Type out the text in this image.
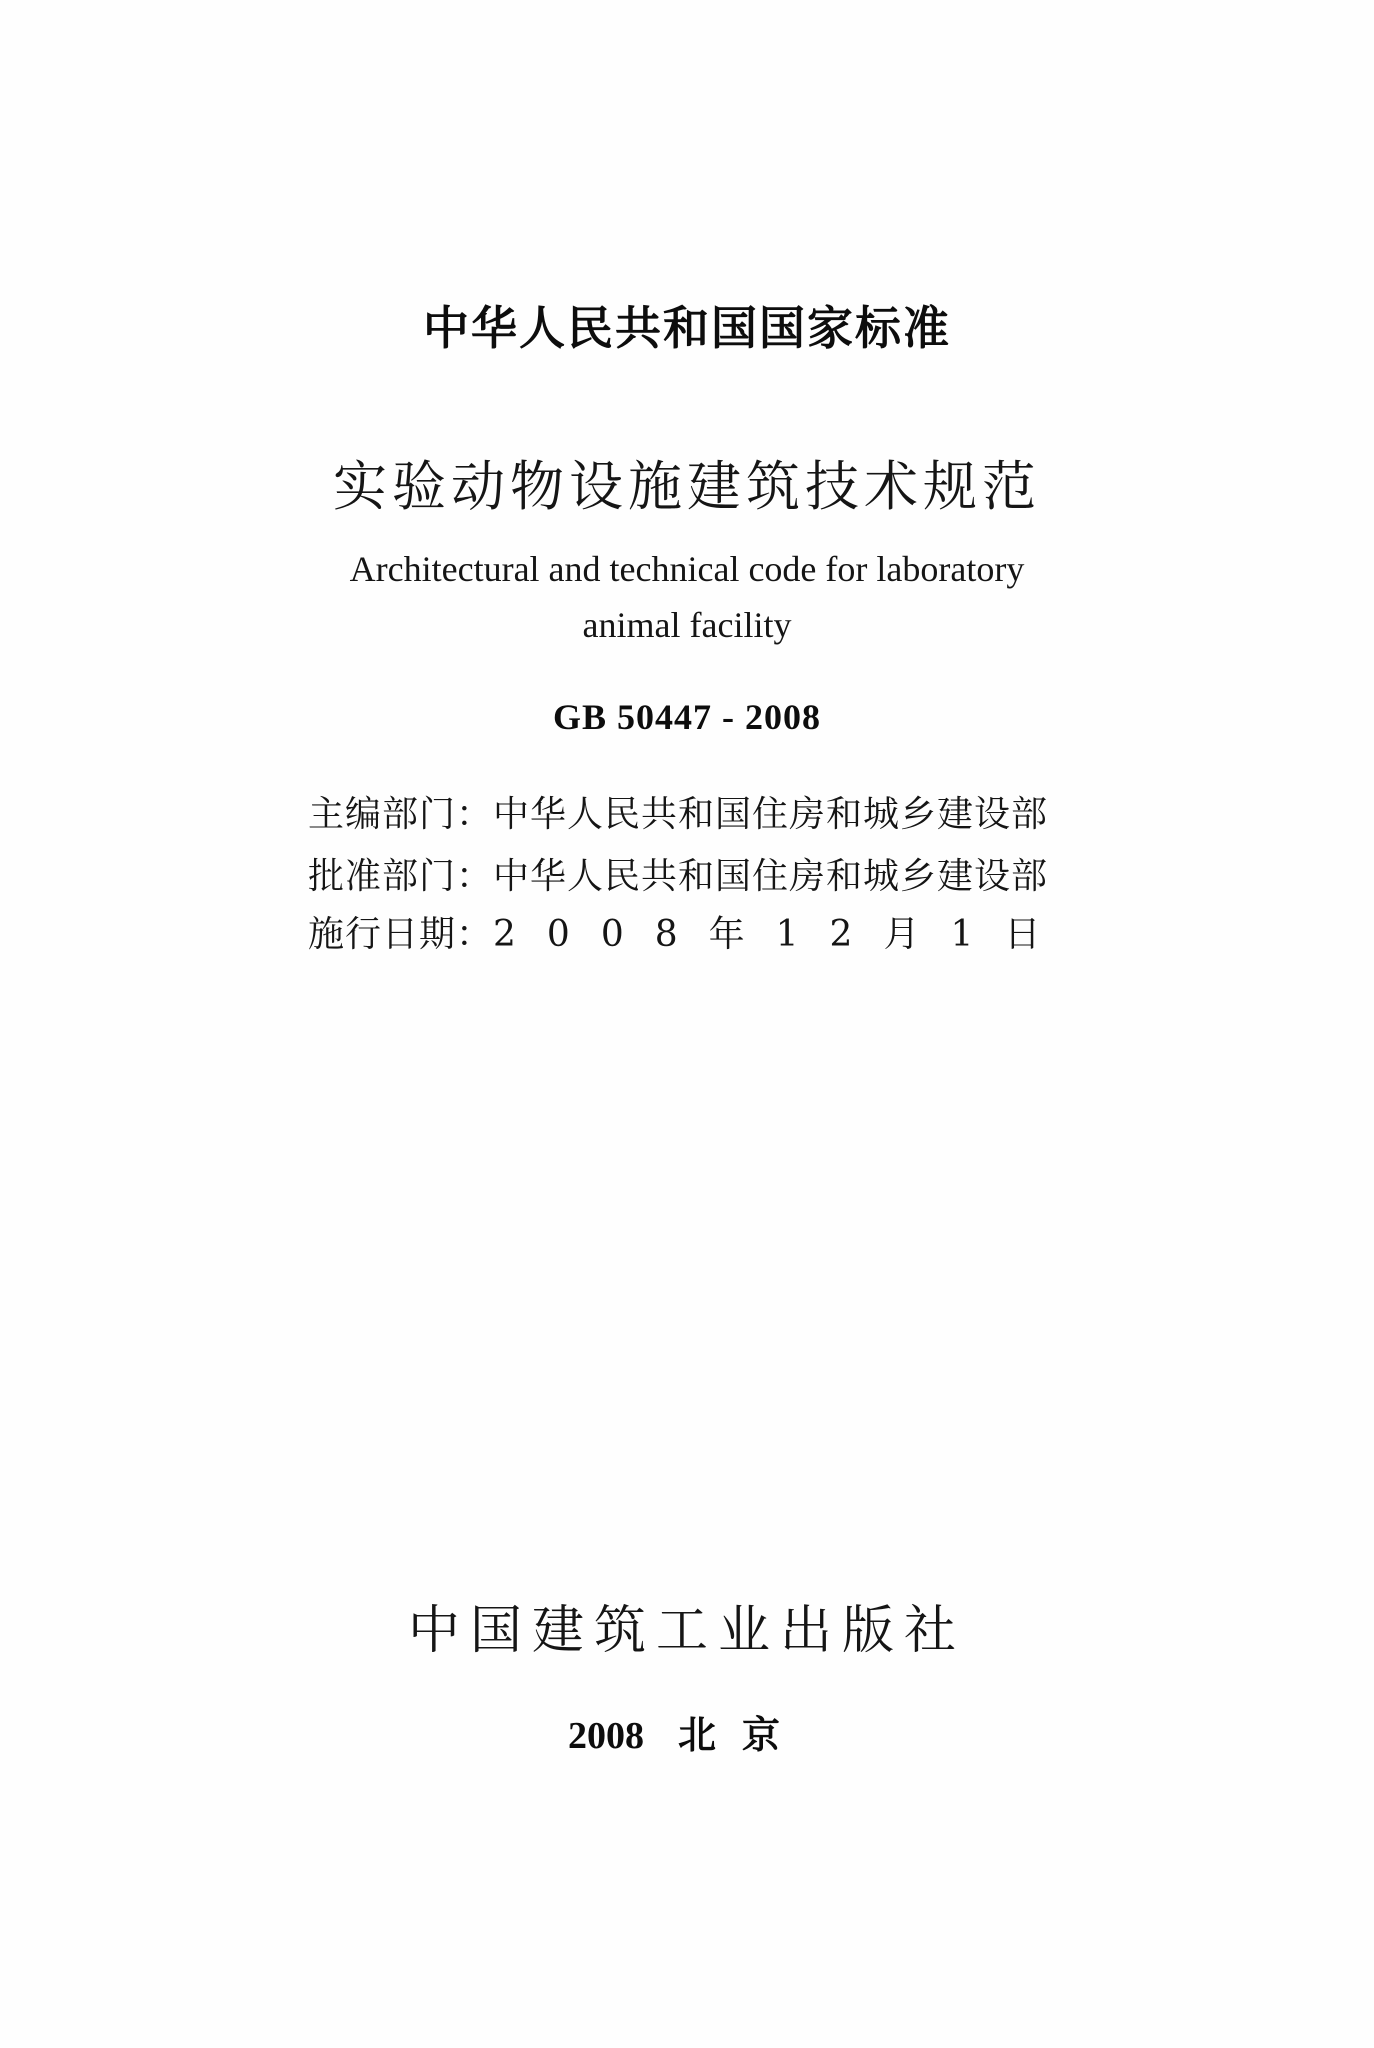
中华人民共和国国家标准
实验动物设施建筑技术规范
Architectural and technical code for laboratory
animal facility
GB 50447 - 2008
主编部门：中华人民共和国住房和城乡建设部
批准部门：中华人民共和国住房和城乡建设部
施行日期：2008年12月1日
中国建筑工业出版社
2008 北京
